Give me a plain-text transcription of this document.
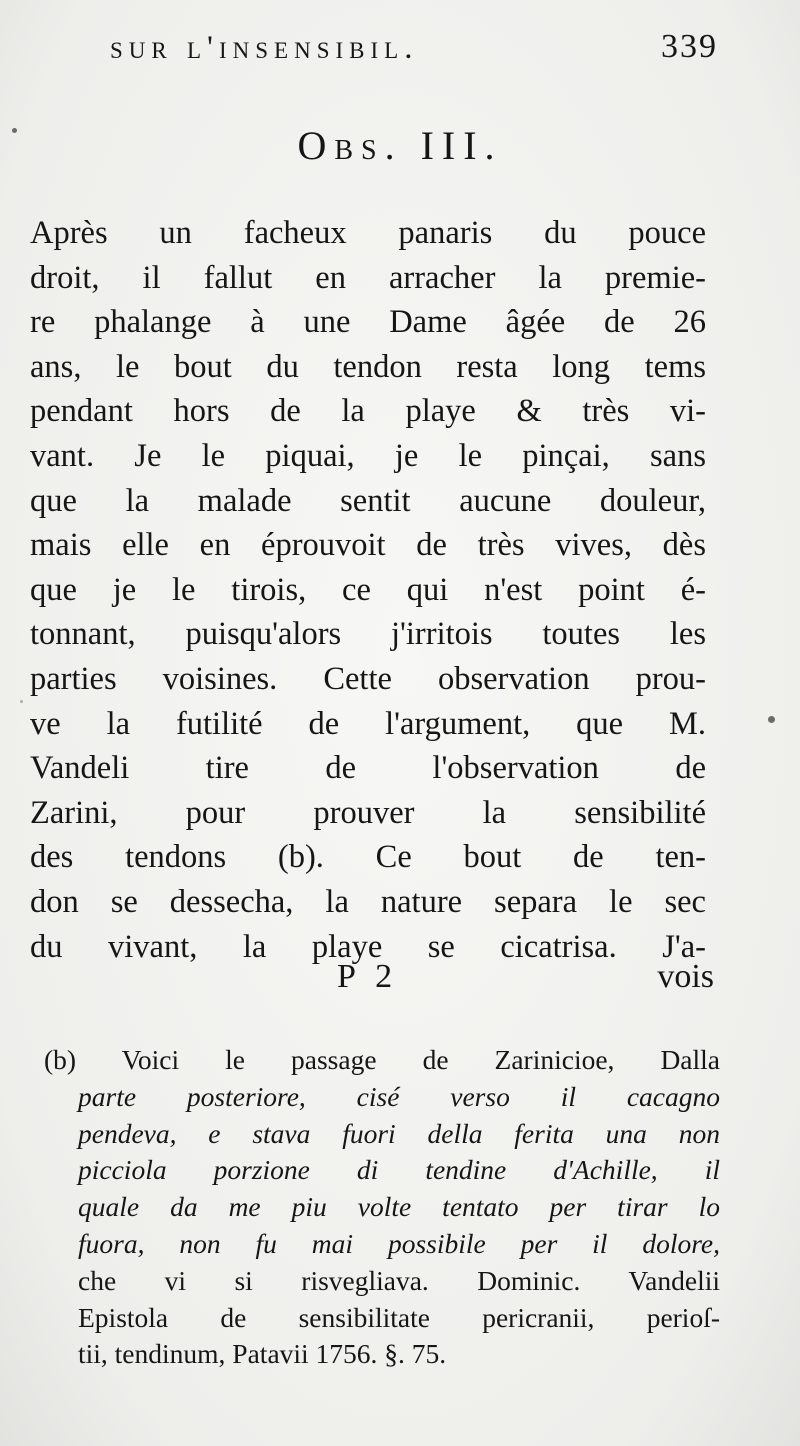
sur l'insensibil.	339
Obs. III.
Après un facheux panaris du pouce
droit, il fallut en arracher la premie-
re phalange à une Dame âgée de 26
ans, le bout du tendon resta long tems
pendant hors de la playe & très vi-
vant. Je le piquai, je le pinçai, sans
que la malade sentit aucune douleur,
mais elle en éprouvoit de très vives, dès
que je le tirois, ce qui n'est point é-
tonnant, puisqu'alors j'irritois toutes les
parties voisines. Cette observation prou-
ve la futilité de l'argument, que M.
Vandeli tire de l'observation de
Zarini, pour prouver la sensibilité
des tendons (b). Ce bout de ten-
don se dessecha, la nature separa le sec
du vivant, la playe se cicatrisa. J'a-
P 2	vois
(b) Voici le passage de Zarinicioe, Dalla
parte posteriore, cisé verso il cacagno
pendeva, e stava fuori della ferita una non
picciola porzione di tendine d'Achille, il
quale da me piu volte tentato per tirar lo
fuora, non fu mai possibile per il dolore,
che vi si risvegliava. Dominic. Vandelii
Epistola de sensibilitate pericranii, perioſ-
tii, tendinum, Patavii 1756. §. 75.
